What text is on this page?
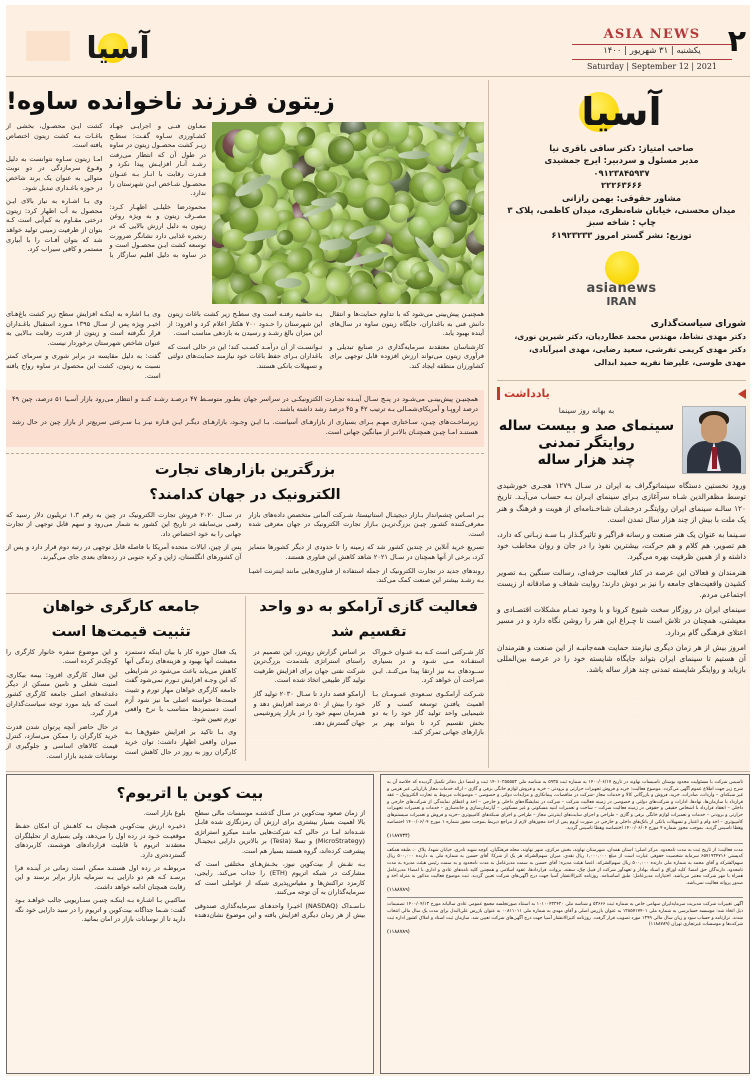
آسیا	ASIA NEWS
یکشنبه | ۳۱ شهریور | ۱۴۰۰
Saturday | September 12 | 2021
۲
آسیا
صاحب امتیاز: دکتر سافی باقری نیا
مدیر مسئول و سردبیر: ایرج جمشیدی
۰۹۱۲۳۸۴۵۹۳۷
۲۲۲۶۳۶۶۶
مشاور حقوقی: بهمن رازانی
میدان محسنی، خیابان شاه‌نظری، میدان کاظمی، پلاک ۳
چاپ : شاخه سبز
توزیع: نشر گستر امروز ۶۱۹۲۳۲۳۳
asianews
IRAN
شورای سیاست‌گذاری
دکتر مهدی نشاط، مهندس محمد عطاردیان، دکتر شیرین نوری،
دکتر مهدی کریمی تفرشی، سعید رضایی، مهدی امیرآبادی،
مهدی طوسی، علیرضا نفریه حمید ابدالی
یادداشت
به بهانه روز سینما
سینمای صد و بیست ساله
روایتگر تمدنی
چند هزار ساله

ورود نخستین دستگاه سینماتوگراف به ایران در سـال ۱۲۷۹ هجـری خورشیدی توسط مظفرالدین شـاه سرآغازی بـرای سینمای ایـران بـه حساب می‌آیـد. تاریخ ۱۲۰ سالـه سینمای ایران روایتگـر درخشـان شناخـنامه‌ای از هویت و فرهنگ و هنر یک ملت با بیش از چند هزار سال تمدن است.

سـینما به عنوان یک هنر صنعت و رسانه فراگیر و تاثیرگـذار بـا سـه زبـانی که دارد، هم تصویر، هم کلام و هم حرکت، بیشترین نفوذ را در جان و روان مخاطب خود داشته و از همین ظرفیت بهره می‌گیرد.

هنرمندان و فعالان این عرصه در کنار فعالیت حرفه‌ای، رسالت سنگین بـه تصویر کشیدن واقعیت‌های جامعه را نیز بر دوش دارند؛ روایت شفاف و صادقانه از زیست اجتماعی مردم.

سینمای ایران در روزگار سخت شیوع کرونا و با وجود تمـام مشکلات اقتصـادی و معیشتی، همچنان در تلاش است تا چـراغ این هنر را روشن نگاه دارد و در مسیر اعتلای فرهنگی گام بردارد.

امروز بیش از هر زمان دیگری نیازمند حمایت همه‌جانبـه از این صنعت و هنرمندان آن هستیم تا سینمای ایران بتواند جایگاه شایسته خود را در عرصه بین‌المللی بازیابد و روایتگر شایسته تمدنی چند هزار ساله باشد.

زیتون فرزند ناخوانده ساوه!

معـاون فنـی و اجرایـی جهـاد کشـاورزی سـاوه گفـت: سطـح زیـر کشت محصـول زیتون در ساوه در طول آن که انتظار می‌رفت رشـد آنـار افزایـش پیدا نکرد و قـدرت رقابت با انـار بـه عنـوان محصـول شـاخص ایـن شهرستان را ندارد.

محمودرضا خلیلـی اظهـار کـرد: مصـرف زیتون و به ویژه روغن زیتون به دلیل ارزش بالایی که در زنجیره غذایی دارد نشانگر ضرورت توسعه کشت ایـن محصـول است و در ساوه به دلیل اقلیم سازگار با کشت ایـن محصـول، بخشی از باغـات بـه کشت زیتون اختصاص یافته است.

امـا زیتون سـاوه نتوانست به دلیل وقـوع سرمازدگی در دو نوبت متوالی به عنوان یک برند شاخص در حوزه باغـداری تبدیل شود.

وی بـا اشـاره به نیاز بالای ایـن محصول به آب اظهار کرد: زیتون درختی مقـاوم به کم‌آبی است کـه بتوان از ظرفیت زمینی تولید خواهد شد که بتوان آفـات را با آبیاری مستمر و کافی سیراب کرد.

همچنیـن پیش‌بینی می‌شود که با تداوم حمایت‌ها و انتقال دانش فنی به باغداران، جایگاه زیتون ساوه در سال‌های آینده بهبود یابد.

کارشناسان معتقدند سرمایه‌گذاری در صنایع تبدیلی و فرآوری زیتون می‌تواند ارزش افزوده قابل توجهی برای کشاورزان منطقه ایجاد کند.

بـه حاشیه رفتـه است وی سطـح زیر کشت باغات زیتون این شهرستان را حـدود ۷۰۰ هکتار اعلام کرد و افزود: از این میزان بالغ رشـد و رسیدن به بازدهی مناسب است.

تـوانسـت از آن درآمـد کسـب کند؛ این در حالی است که باغداران بـرای حفظ باغات خود نیازمند حمایت‌های دولتی و تسهیلات بانکی هستند.

وی بـا اشاره به اینکـه افزایش سطح زیر کشت باغ‌هـای اخیـر ویژه پس از سـال ۱۳۹۵ مـورد استقبال باغـداران قرار نگرفته است و زیتون از قدرت رقابت بـالایی به عنوان شاخص شهرستان برخوردار نیست.

گفت: به دلیل مقایسه در برابر شوری و سرمای کمتر نسبت به زیتون، کشت این محصول در ساوه رواج یافته است.

همچنیـن پیش‌بینـی می‌شـود در پنـج سـال آینـده تجـارت الکترونیکـی در سراسر جهان بطـور متوسـط ۴۷ درصـد رشـد کنـد و انتظار می‌رود بازار آسـیا ۵۱ درصد، چین ۴۹ درصد اروپـا و آمریکای‌شمـالی بـه ترتیب ۴۲ و ۴۵ درصد رشد داشته باشند.

زیرساخـت‌های چیـن، سـاختاری مهـم بـرای بسیاری از بازارهـای آسیاست. بـا ایـن وجـود، بازارهـای دیگـر ایـن قـاره نیـز بـا سـرعتی سریع‌تر از بازار چین در حال رشد هستنـد امـا چیـن همچنـان بالاتـر از میانگین جهانی است.

بزرگترین بازارهای تجارت
الکترونیک در جهان کدامند؟

بـر اسـاس چشم‌انداز بـازار دیجیتـال استاتیستا، شـرکت آلمانی متخصص داده‌های بازار معرفی‌کننده کشـور چیـن بزرگ‌تریـن بـازار تجارت الکترونیک در جهان معرفی شده است.

تسریع خرید آنلاین در چندین کشور شد که زمینه را تا حدودی از دیگر کشورها متمایز کرد، برخی از آنها همچنان در سـال ۲۰۲۱ شاهد کاهش این فناوری هستند.

روندهای جدید در تجارت الکترونیک از جمله استفاده از فناوری‌هایی مانند اینترنت اشیـا بـه رشـد بیشتر این صنعت کمک می‌کند.

در سـال ۲۰۲۰ فروش تجارت الکترونیک در چین به رقم ۱.۳ تریلیون دلار رسید که رقمی بی‌سابقه در تاریخ این کشور به شمار می‌رود و سهم قابل توجهی از تجارت جهانی را به خود اختصاص داد.

پس از چین، ایالات متحده آمریکا با فاصله قابل توجهی در رتبه دوم قرار دارد و پس از آن کشورهای انگلستان، ژاپن و کره جنوبی در رده‌های بعدی جای می‌گیرند.

فعالیت گازی آرامکو به دو واحد
تقسیم شد

کار شـرکتی است کـه بـه عنـوان خـوراک استفـاده مـی شـود و در بسیاری ســودهای بـه نیز ارتقا پیدا می‌کنـد. ایـن صراحت آن خواهد کرد.

شـرکت آرامکـوی سـعودی عمـومـان بـا اهمیت یافتـن توسعه کسب و کار شیمیایی واحد تولید گاز خود را به دو بخش تقسیم کرد تا بتواند بهتر بر بازارهای جهانی تمرکز کند.

بر اساس گزارش رویترز، این تصمیم در راستای استراتژی بلندمدت بزرگ‌ترین شرکت نفتی جهان برای افزایش ظرفیت تولید گاز طبیعی اتخاذ شده است.

آرامکو قصد دارد تا سـال ۲۰۳۰ تولید گاز خود را بیش از ۵۰ درصد افزایش دهد و همزمان سهم خود را در بازار پتروشیمی جهان گسترش دهد.

جامعه کارگری خواهان
تثبیت قیمت‌ها است

یک فعال حوزه کار با بیان اینکه دستمزد معیشت آنها بهبود و هزینه‌های زندگی آنها کاهش می‌یابد باعث می‌شود در شرایطی که این وجـه افزایش تـورم نمی‌شود گفت جامعه کارگری خواهان مهار تورم و تثبیت قیمت‌ها خواسته اصلی ما نیز شود آزم است دستمزدها متناسب با نرخ واقعی تورم تعیین شود.

وی بـا تاکید بر افزایش حقوق‌هـا بـه میزان واقعی اظهار داشت: توان خرید کارگران روز به روز در حال کاهش است و این موضوع سفره خانوار کارگری را کوچک‌تر کرده است.

این فعال کارگری افزود: بیمه بیکاری، امنیت شغلی و تامین مسکن از دیگر دغدغه‌های اصلی جامعه کارگری کشور است که باید مورد توجه سیاست‌گذاران قرار گیرد.

در حال حاضر آنچه پرتوان شدن قدرت خرید کارگران را ممکن می‌سازد، کنترل قیمت کالاهای اساسی و جلوگیری از نوسانات شدید بازار است.

تاسیس شرکت با مسئولیت محدود بوستان تاسیسات نهاوند در تاریخ ۱۴۰۰/۰۶/۱۷ به شماره ثبت ۵۹۳۵ به شناسه ملی ۱۴۰۱۰۲۵۵۵۵۳ ثبت و امضا ذیل دفاتر تکمیل گردیده که خلاصه آن به شرح زیر جهت اطلاع عموم آگهی می‌گردد. موضوع فعالیت: خرید و فروش تجهیزات حرارتی و برودتی – خرید و فروش لوازم خانگی برقی و گازی – ارائه خدمات مجاز بازاریابی غیر هرمی و غیر شبکه‌ای – واردات، صادرات، خرید، فروش و بازرگانی کالا و خدمات مجاز -شرکت در مناقصات، پیمانکاری و مزایدات دولتی و خصوصی – موضوعات مربوط به تجارت الکترونیک – عقد قرارداد با سازمان‌ها، نهادها، ادارات و شرکت‌های دولتی و خصوصی در زمینه فعالیت شرکت – شرکت در نمایشگاه‌های داخلی و خارجی – اخذ و اعطای نمایندگی از شرکت‌های خارجی و داخلی – انعقاد قرارداد با اشخاص حقیقی و حقوقی در زمینه فعالیت شرکت – ساخت و تعمیرات ابنیه مسکونی و غیر مسکونی – آپارتمان‌سازی و خانه‌سازی – خدمات و تعمیرات تجهیزات حرارتی و برودتی – خدمات و تعمیرات لوازم خانگی برقی و گازی – طراحی و اجرای سایت‌های اینترنتی مجاز – طراحی و اجرای شبکه‌های کامپیوتری –خرید و فروش و تعمیرات سیستم‌های کامپیوتری – اخذ وام و اعتبار و تسهیلات بانکی از بانک‌های داخلی و خارجی در صورت لزوم پس از اخذ مجوزهای لازم از مراجع ذیربط بموجب مجوز شماره ۱ مورخ ۱۴۰۰/۰۶/۰۴ اختصاصه وهظا تاسیس گردید. بموجب مجوز شماره ۴ مورخ ۱۴۰۰/۰۶/۰۴ اختصاصه وهظا تاسیس گردید.
(۱۱۸۷۷۳۴)
مدت فعالیت: از تاریخ ثبت به مدت نامحدود. مرکز اصلی: استان همدان، شهرستان نهاوند، بخش مرکزی، شهر نهاوند، محله فرهنگیان، کوچه شهید نادری، خیابان شهدا، پلاک ۰، طبقه همکف کدپستی ۶۵۷۱۹۳۴۷۱۶ سرمایه شخصیت حقوقی عبارت است از مبلغ ۱,۰۰۰,۰۰۰ ریال نقدی. میزان سهم‌الشرکه هر یک از شرکا: آقای حسین به شماره ملی به دارنده ۵۰۰,۰۰۰ ریال سهم‌الشرکه و آقای محمد به شماره ملی دارنده ۵۰۰,۰۰۰ ریال سهم‌الشرکه. اعضا هیئت مدیره: آقای حسین به سمت مدیرعامل به مدت نامحدود و به سمت رئیس هیئت مدیره به مدت نامحدود. دارندگان حق امضا: کلیه اوراق و اسناد بهادار و تعهدآور شرکت از قبیل چک، سفته، بروات، قراردادها، عقود اسلامی و همچنین کلیه نامه‌های عادی و اداری با امضاء مدیرعامل همراه با مهر شرکت معتبر می‌باشد. اختیارات مدیرعامل: طبق اساسنامه. روزنامه کثیرالانتشار آسیا جهت درج آگهی‌های شرکت تعیین گردید. ثبت موضوع فعالیت مذکور به منزله اخذ و صدور پروانه فعالیت نمی‌باشد.
(۱۱۸۸۷۸۹)
آگهی تغییرات شرکت مدیریت سرمایه‌ایران سهامی خاص به شماره ثبت ۵۳۶۶۶ و شناسه ملی ۱۰۱۰۰۴۳۲۴۲۰ به استناد صورتجلسه مجمع عمومی عادی سالیانه مورخ ۱۴۰۰/۰۴/۱۳ تصمیمات ذیل اتخاذ شد: موسسه حسابرسی به شماره ملی ۱۲۸۵۷۱۷۴۰۱ به عنوان بازرس اصلی و آقای مهدی به شماره ملی ۰۰۸۱۱۰۱۱ به عنوان بازرس علی‌البدل برای مدت یک سال مالی انتخاب شدند. ترازنامه و حساب سود و زیان سال مالی ۱۳۹۹ مورد تصویب قرار گرفت. روزنامه کثیرالانتشار آسیا جهت درج آگهی‌های شرکت تعیین شد. سازمان ثبت اسناد و املاک کشور اداره ثبت شرکت‌ها و موسسات غیرتجاری تهران (۱۱۸۸۷۸۹)
(۱۱۸۸۷۸۹)
بیت کوین یا اتریوم؟

از زمان صعود بیت‌کوین در سـال گذشتـه موسسات مالی سطح بالا اهمیت بسیار بیشتری برای ارزش آن رمزنگاری شده قابـل شـده‌اند امـا در حالی کـه شرکت‌هایی ماننـد میکرو استراتژی (MicroStrategy) و تسلا (Tesla) بر بالاترین دارایی دیجیتـال پیشرفت کرده‌اند، گروه هستند بسیار هم است.

بـه نقـش از بیت‌کوین نیوز، بخـش‌هـای مختلفی است که مشارکت در شبکه اتریوم (ETH) را جذاب می‌کند. رایجی، کارمزد تراکنش‌ها و مقیاس‌پذیری شبکه از عواملی است که سرمایه‌گذاران به آن توجه می‌کنند.

نـاسـداک (NASDAQ) اخیـرا واحدهـای سرمایه‌گذاری صندوقی بیش از هر زمان دیگری افزایش یافته و این موضوع نشان‌دهنده بلوغ بازار است.

ذخیـره ارزش بیت‌کویـن همچنان بـه کاهـش آن امکان حفـظ موقعیـت خـود در رده اول را می‌دهد، ولی بسیاری از تحلیلگران معتقدند اتریوم با قابلیت قراردادهای هوشمند، کاربردهای گسترده‌تری دارد.

مربوطـه در رده اول هستنـد ممکن است زمانی در آینـده فرا برسـد کـه هم دو دارایی بـه سرمایه بازار برابر برسند و این رقابت همچنان ادامه خواهد داشت.

ساکنیـن بـا اشـاره بـه اینکـه چنیـن سنـاریویی جالب خواهـد بـود گفت: شـما جداگانه بیت‌کوین و اتریوم را در سبد دارایی خود نگه دارید تا از نوسانات بازار در امان بمانید.
